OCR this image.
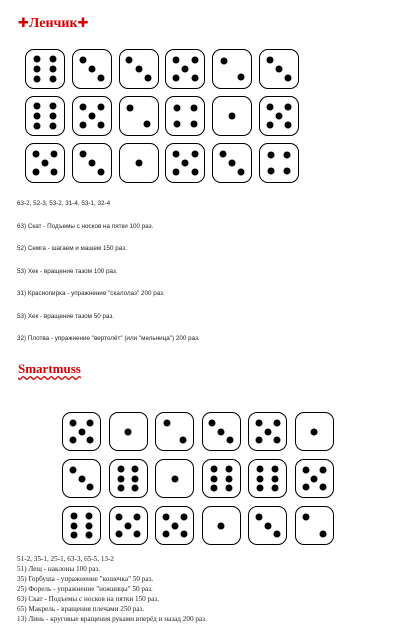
✚Ленчик✚
63-2, 52-3, 53-2, 31-4, 53-1, 32-4
63) Скат - Подъемы с носков на пятки 100 раз.
52) Семга - шагаем и машем 150 раз.
53) Хек - вращение тазом 100 раз.
31) Краснопирка - упражнение "скалолаз" 200 раз.
53) Хек - вращение тазом 50 раз.
32) Плотва - упражнение "вертолёт" (или "мельница") 200 раз.
Smartmuss
51-2, 35-1, 25-1, 63-3, 65-5, 13-2
51) Лещ - наклоны 100 раз.
35) Горбуша - упражнение "кошечка" 50 раз.
25) Форель - упражнение "ножницы" 50 раз.
63) Скат - Подъемы с носков на пятки 150 раз.
65) Макрель - вращения плечами 250 раз.
13) Линь - круговые вращения руками вперёд и назад 200 раз.
